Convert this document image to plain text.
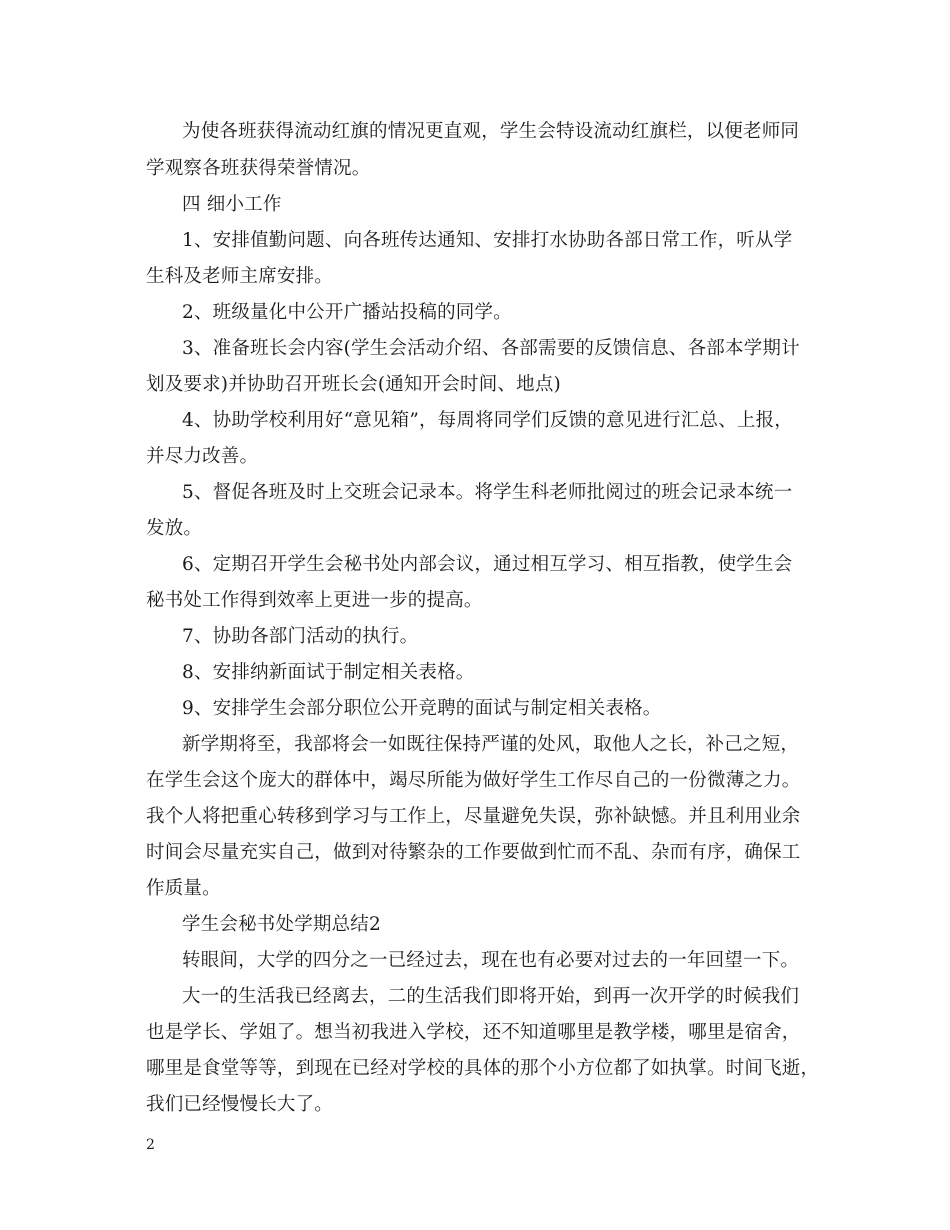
为使各班获得流动红旗的情况更直观，学生会特设流动红旗栏，以便老师同
学观察各班获得荣誉情况。
四 细小工作
1、安排值勤问题、向各班传达通知、安排打水协助各部日常工作，听从学
生科及老师主席安排。
2、班级量化中公开广播站投稿的同学。
3、准备班长会内容(学生会活动介绍、各部需要的反馈信息、各部本学期计
划及要求)并协助召开班长会(通知开会时间、地点)
4、协助学校利用好“意见箱”，每周将同学们反馈的意见进行汇总、上报，
并尽力改善。
5、督促各班及时上交班会记录本。将学生科老师批阅过的班会记录本统一
发放。
6、定期召开学生会秘书处内部会议，通过相互学习、相互指教，使学生会
秘书处工作得到效率上更进一步的提高。
7、协助各部门活动的执行。
8、安排纳新面试于制定相关表格。
9、安排学生会部分职位公开竞聘的面试与制定相关表格。
新学期将至，我部将会一如既往保持严谨的处风，取他人之长，补己之短，
在学生会这个庞大的群体中，竭尽所能为做好学生工作尽自己的一份微薄之力。
我个人将把重心转移到学习与工作上，尽量避免失误，弥补缺憾。并且利用业余
时间会尽量充实自己，做到对待繁杂的工作要做到忙而不乱、杂而有序，确保工
作质量。
学生会秘书处学期总结2
转眼间，大学的四分之一已经过去，现在也有必要对过去的一年回望一下。
大一的生活我已经离去，二的生活我们即将开始，到再一次开学的时候我们
也是学长、学姐了。想当初我进入学校，还不知道哪里是教学楼，哪里是宿舍，
哪里是食堂等等，到现在已经对学校的具体的那个小方位都了如执掌。时间飞逝，
我们已经慢慢长大了。
2
